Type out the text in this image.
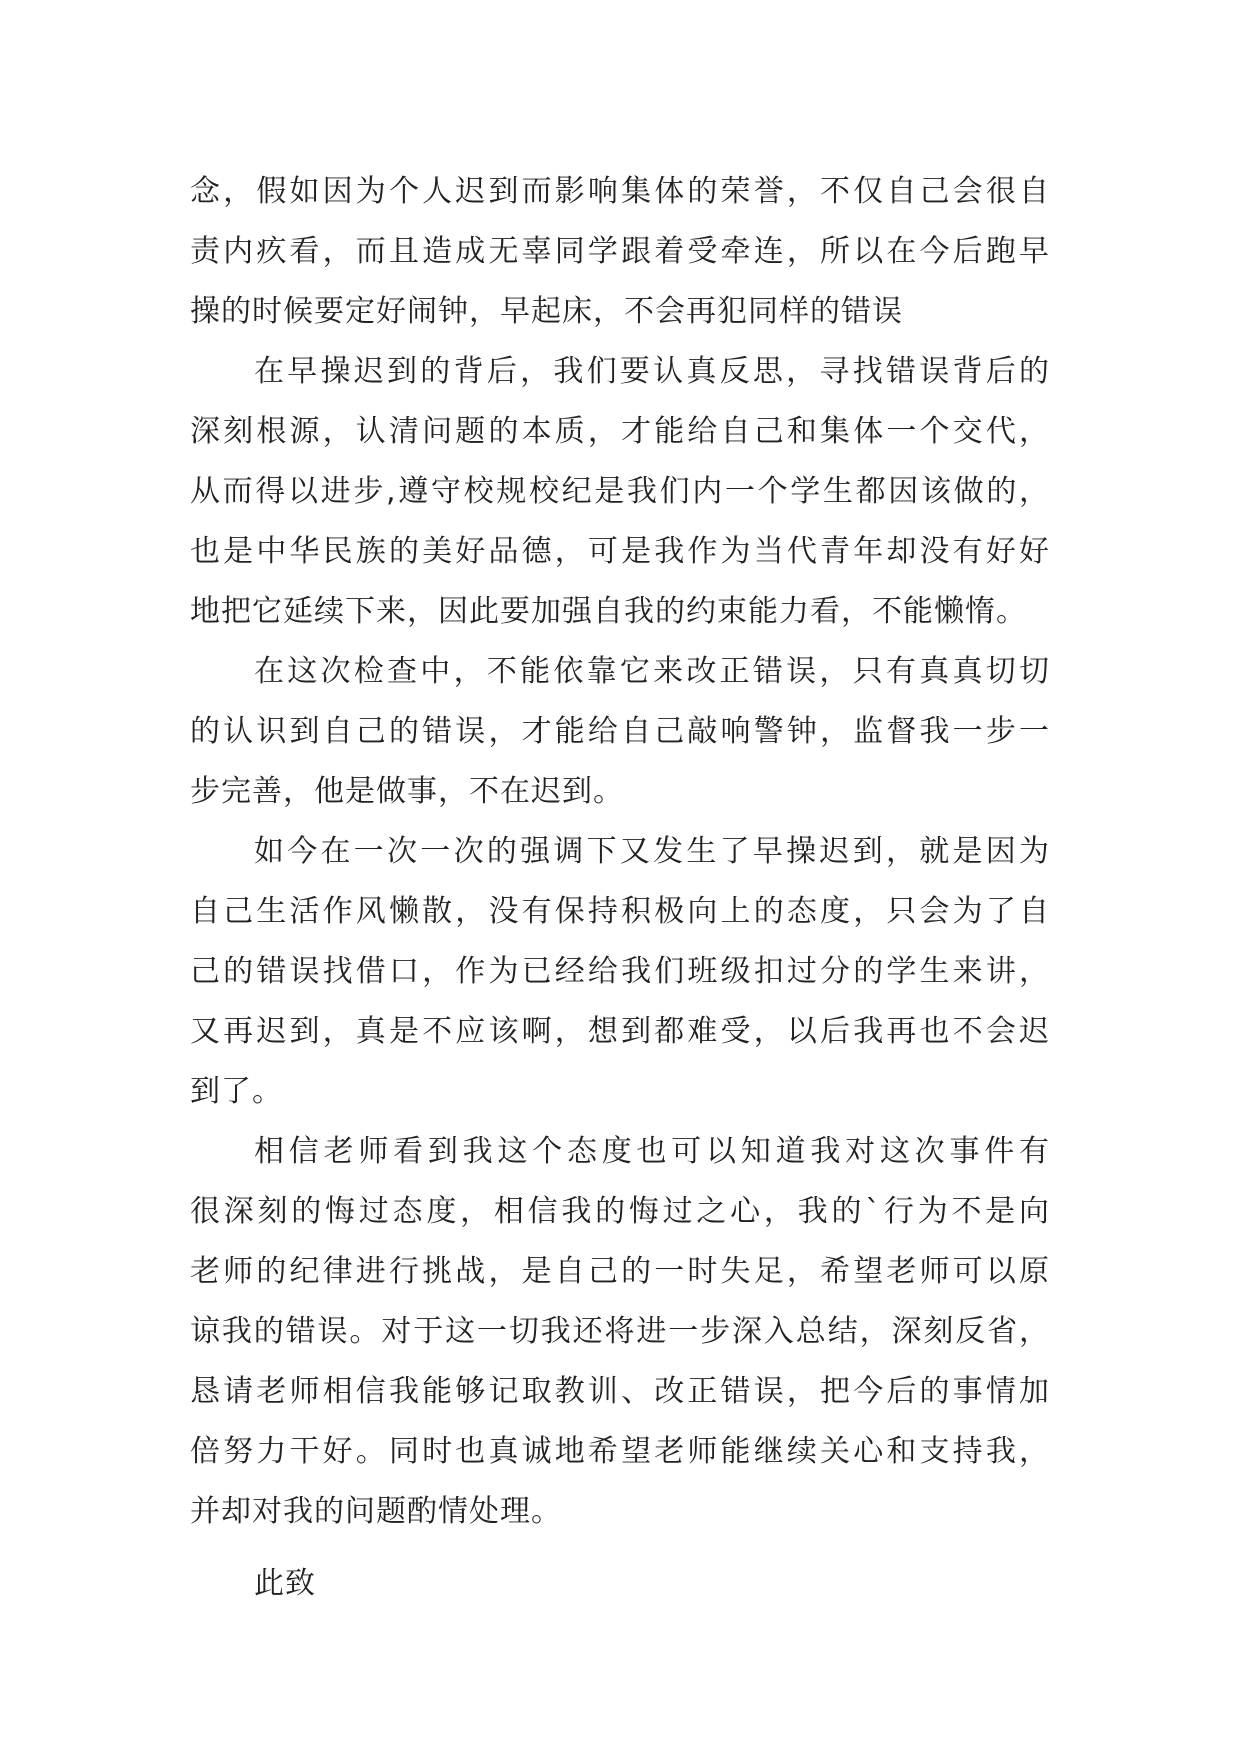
念，假如因为个人迟到而影响集体的荣誉，不仅自己会很自
责内疚看，而且造成无辜同学跟着受牵连，所以在今后跑早
操的时候要定好闹钟，早起床，不会再犯同样的错误
在早操迟到的背后，我们要认真反思，寻找错误背后的
深刻根源，认清问题的本质，才能给自己和集体一个交代，
从而得以进步,遵守校规校纪是我们内一个学生都因该做的，
也是中华民族的美好品德，可是我作为当代青年却没有好好
地把它延续下来，因此要加强自我的约束能力看，不能懒惰。
在这次检查中，不能依靠它来改正错误，只有真真切切
的认识到自己的错误，才能给自己敲响警钟，监督我一步一
步完善，他是做事，不在迟到。
如今在一次一次的强调下又发生了早操迟到，就是因为
自己生活作风懒散，没有保持积极向上的态度，只会为了自
己的错误找借口，作为已经给我们班级扣过分的学生来讲，
又再迟到，真是不应该啊，想到都难受，以后我再也不会迟
到了。
相信老师看到我这个态度也可以知道我对这次事件有
很深刻的悔过态度，相信我的悔过之心，我的`行为不是向
老师的纪律进行挑战，是自己的一时失足，希望老师可以原
谅我的错误。对于这一切我还将进一步深入总结，深刻反省，
恳请老师相信我能够记取教训、改正错误，把今后的事情加
倍努力干好。同时也真诚地希望老师能继续关心和支持我，
并却对我的问题酌情处理。
此致
